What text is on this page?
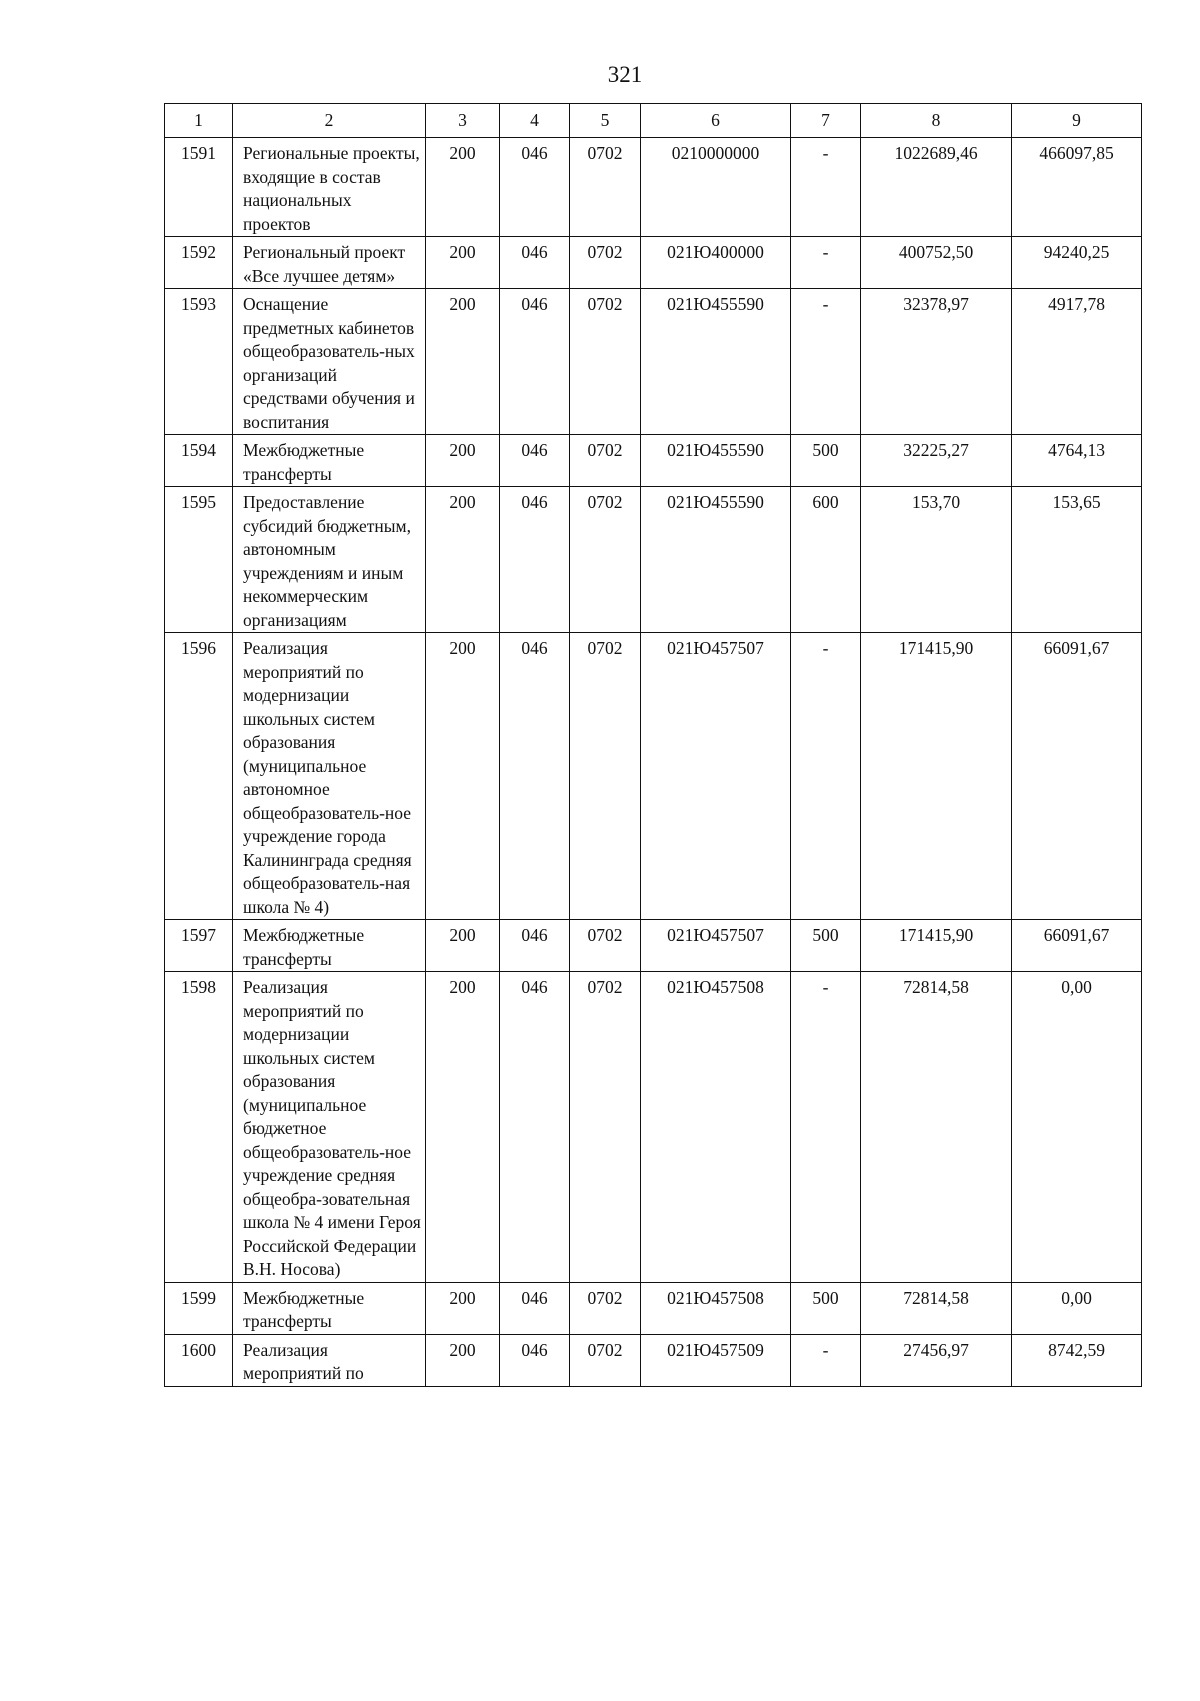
321
1	2	3	4	5	6	7	8	9
1591	Региональные проекты, входящие в состав национальных проектов	200	046	0702	0210000000	-	1022689,46	466097,85
1592	Региональный проект «Все лучшее детям»	200	046	0702	021Ю400000	-	400752,50	94240,25
1593	Оснащение предметных кабинетов общеобразователь-ных организаций средствами обучения и воспитания	200	046	0702	021Ю455590	-	32378,97	4917,78
1594	Межбюджетные трансферты	200	046	0702	021Ю455590	500	32225,27	4764,13
1595	Предоставление субсидий бюджетным, автономным учреждениям и иным некоммерческим организациям	200	046	0702	021Ю455590	600	153,70	153,65
1596	Реализация мероприятий по модернизации школьных систем образования (муниципальное автономное общеобразователь-ное учреждение города Калининграда средняя общеобразователь-ная школа № 4)	200	046	0702	021Ю457507	-	171415,90	66091,67
1597	Межбюджетные трансферты	200	046	0702	021Ю457507	500	171415,90	66091,67
1598	Реализация мероприятий по модернизации школьных систем образования (муниципальное бюджетное общеобразователь-ное учреждение средняя общеобра-зовательная школа № 4 имени Героя Российской Федерации В.Н. Носова)	200	046	0702	021Ю457508	-	72814,58	0,00
1599	Межбюджетные трансферты	200	046	0702	021Ю457508	500	72814,58	0,00
1600	Реализация мероприятий по	200	046	0702	021Ю457509	-	27456,97	8742,59
